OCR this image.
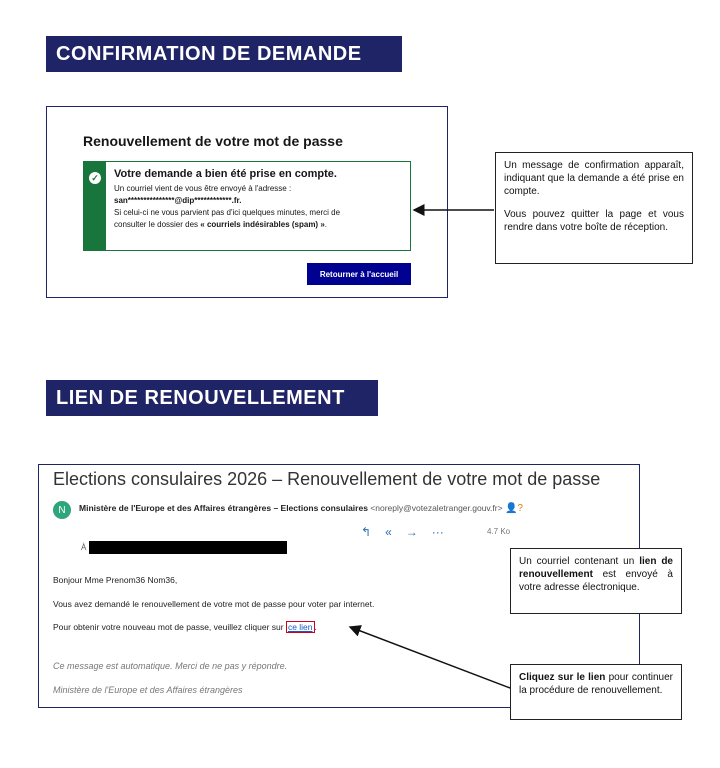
CONFIRMATION DE DEMANDE
Renouvellement de votre mot de passe
✓ Votre demande a bien été prise en compte.
Un courriel vient de vous être envoyé à l'adresse :
san***************@dip************.fr.
Si celui-ci ne vous parvient pas d'ici quelques minutes, merci de
consulter le dossier des « courriels indésirables (spam) ».
Retourner à l'accueil
Un message de confirmation apparaît, indiquant que la demande a été prise en compte.
Vous pouvez quitter la page et vous rendre dans votre boîte de réception.
LIEN DE RENOUVELLEMENT
Elections consulaires 2026 – Renouvellement de votre mot de passe
N	Ministère de l'Europe et des Affaires étrangères – Elections consulaires <noreply@votezaletranger.gouv.fr> 👤?
↰ « → ···	4.7 Ko
À
Bonjour Mme Prenom36 Nom36,
Vous avez demandé le renouvellement de votre mot de passe pour voter par internet.
Pour obtenir votre nouveau mot de passe, veuillez cliquer sur ce lien .
Ce message est automatique. Merci de ne pas y répondre.
Ministère de l'Europe et des Affaires étrangères
Un courriel contenant un lien de renouvellement est envoyé à votre adresse électronique.
Cliquez sur le lien pour continuer la procédure de renouvellement.
